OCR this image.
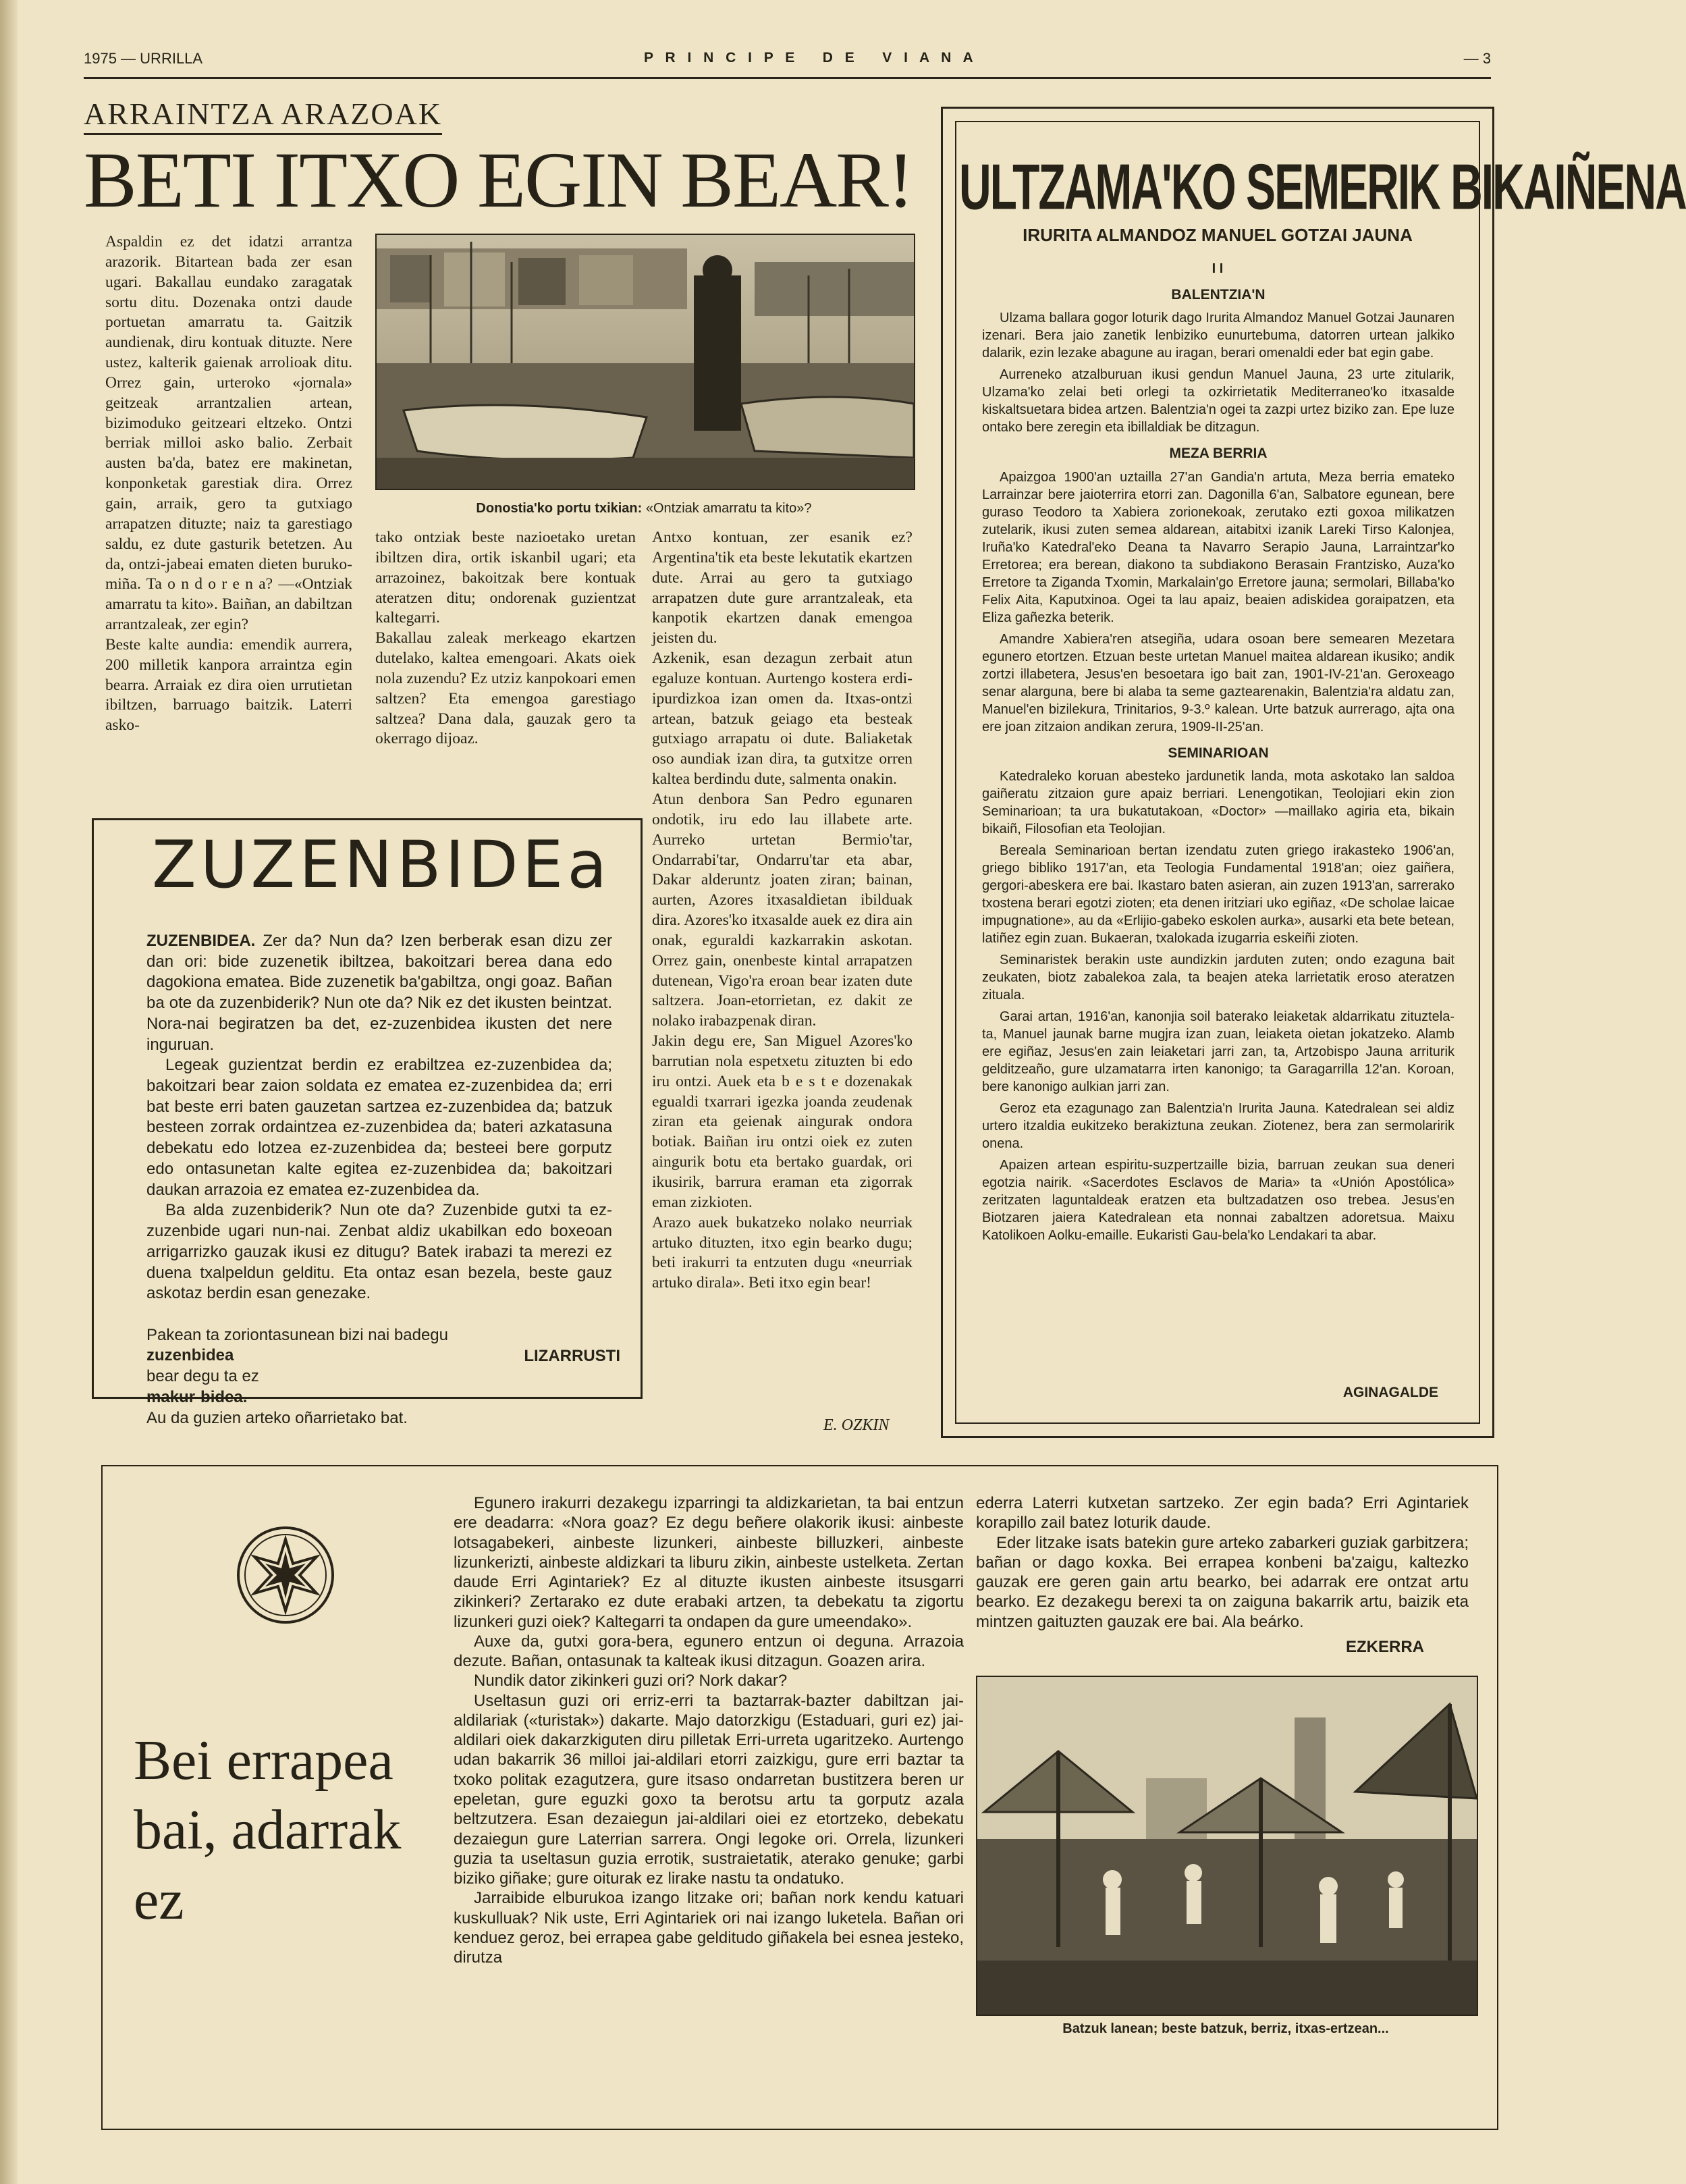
1975 — URRILLA	P R I N C I P E   D E   V I A N A	— 3
ARRAINTZA ARAZOAK
BETI ITXO EGIN BEAR!

Aspaldin ez det idatzi arrantza arazorik. Bitartean bada zer esan ugari. Bakallau eundako zaragatak sortu ditu. Dozenaka ontzi daude portuetan amarratu ta. Gaitzik aundienak, diru kontuak dituzte. Nere ustez, kalterik gaienak arrolioak ditu. Orrez gain, urteroko «jornala» geitzeak arrantzalien artean, bizimoduko geitzeari eltzeko. Ontzi berriak milloi asko balio. Zerbait austen ba'da, batez ere makinetan, konponketak garestiak dira. Orrez gain, arraik, gero ta gutxiago arrapatzen dituzte; naiz ta garestiago saldu, ez dute gasturik betetzen. Au da, ontzi-jabeai ematen dieten buruko-miña. Ta o n d o r e n a? —«Ontziak amarratu ta kito». Baiñan, an dabiltzan arrantzaleak, zer egin?
Beste kalte aundia: emendik aurrera, 200 milletik kanpora arraintza egin bearra. Arraiak ez dira oien urrutietan ibiltzen, barruago baitzik. Laterri asko-

Donostia'ko portu txikian: «Ontziak amarratu ta kito»?

tako ontziak beste nazioetako uretan ibiltzen dira, ortik iskanbil ugari; eta arrazoinez, bakoitzak bere kontuak ateratzen ditu; ondorenak guzientzat kaltegarri.
Bakallau zaleak merkeago ekartzen dutelako, kaltea emengoari. Akats oiek nola zuzendu? Ez utziz kanpokoari emen saltzen? Eta emengoa garestiago saltzea? Dana dala, gauzak gero ta okerrago dijoaz.

Antxo kontuan, zer esanik ez? Argentina'tik eta beste lekutatik ekartzen dute. Arrai au gero ta gutxiago arrapatzen dute gure arrantzaleak, eta kanpotik ekartzen danak emengoa jeisten du.
Azkenik, esan dezagun zerbait atun egaluze kontuan. Aurtengo kostera erdi-ipurdizkoa izan omen da. Itxas-ontzi artean, batzuk geiago eta besteak gutxiago arrapatu oi dute. Baliaketak oso aundiak izan dira, ta gutxitze orren kaltea berdindu dute, salmenta onakin.
Atun denbora San Pedro egunaren ondotik, iru edo lau illabete arte. Aurreko urtetan Bermio'tar, Ondarrabi'tar, Ondarru'tar eta abar, Dakar alderuntz joaten ziran; bainan, aurten, Azores itxasaldietan ibilduak dira. Azores'ko itxasalde auek ez dira ain onak, eguraldi kazkarrakin askotan. Orrez gain, onenbeste kintal arrapatzen dutenean, Vigo'ra eroan bear izaten dute saltzera. Joan-etorrietan, ez dakit ze nolako irabazpenak diran.
Jakin degu ere, San Miguel Azores'ko barrutian nola espetxetu zituzten bi edo iru ontzi. Auek eta b e s t e dozenakak egualdi txarrari igezka joanda zeudenak ziran eta geienak aingurak ondora botiak. Baiñan iru ontzi oiek ez zuten aingurik botu eta bertako guardak, ori ikusirik, barrura eraman eta zigorrak eman zizkioten.
Arazo auek bukatzeko nolako neurriak artuko dituzten, itxo egin bearko dugu; beti irakurri ta entzuten dugu «neurriak artuko dirala». Beti itxo egin bear!

E. OZKIN
ZUZENBIDEa

ZUZENBIDEA. Zer da? Nun da? Izen berberak esan dizu zer dan ori: bide zuzenetik ibiltzea, bakoitzari berea dana edo dagokiona ematea. Bide zuzenetik ba'gabiltza, ongi goaz. Bañan ba ote da zuzenbiderik? Nun ote da? Nik ez det ikusten beintzat. Nora-nai begiratzen ba det, ez-zuzenbidea ikusten det nere inguruan.

Legeak guzientzat berdin ez erabiltzea ez-zuzenbidea da; bakoitzari bear zaion soldata ez ematea ez-zuzenbidea da; erri bat beste erri baten gauzetan sartzea ez-zuzenbidea da; batzuk besteen zorrak ordaintzea ez-zuzenbidea da; bateri azkatasuna debekatu edo lotzea ez-zuzenbidea da; besteei bere gorputz edo ontasunetan kalte egitea ez-zuzenbidea da; bakoitzari daukan arrazoia ez ematea ez-zuzenbidea da.

Ba alda zuzenbiderik? Nun ote da? Zuzenbide gutxi ta ez-zuzenbide ugari nun-nai. Zenbat aldiz ukabilkan edo boxeoan arrigarrizko gauzak ikusi ez ditugu? Batek irabazi ta merezi ez duena txalpeldun gelditu. Eta ontaz esan bezela, beste gauz askotaz berdin esan genezake.

Pakean ta zoriontasunean bizi nai badegu
zuzenbidea
bear degu ta ez
makur-bidea.
Au da guzien arteko oñarrietako bat.

LIZARRUSTI
ULTZAMA'KO SEMERIK BIKAIÑENA
IRURITA ALMANDOZ MANUEL GOTZAI JAUNA
I I
BALENTZIA'N

Ulzama ballara gogor loturik dago Irurita Almandoz Manuel Gotzai Jaunaren izenari. Bera jaio zanetik lenbiziko eunurtebuma, datorren urtean jalkiko dalarik, ezin lezake abagune au iragan, berari omenaldi eder bat egin gabe.

Aurreneko atzalburuan ikusi gendun Manuel Jauna, 23 urte zitularik, Ulzama'ko zelai beti orlegi ta ozkirrietatik Mediterraneo'ko itxasalde kiskaltsuetara bidea artzen. Balentzia'n ogei ta zazpi urtez biziko zan. Epe luze ontako bere zeregin eta ibillaldiak be ditzagun.

MEZA BERRIA

Apaizgoa 1900'an uztailla 27'an Gandia'n artuta, Meza berria emateko Larrainzar bere jaioterrira etorri zan. Dagonilla 6'an, Salbatore egunean, bere guraso Teodoro ta Xabiera zorionekoak, zerutako ezti goxoa milikatzen zutelarik, ikusi zuten semea aldarean, aitabitxi izanik Lareki Tirso Kalonjea, Iruña'ko Katedral'eko Deana ta Navarro Serapio Jauna, Larraintzar'ko Erretorea; era berean, diakono ta subdiakono Berasain Frantzisko, Auza'ko Erretore ta Ziganda Txomin, Markalain'go Erretore jauna; sermolari, Billaba'ko Felix Aita, Kaputxinoa. Ogei ta lau apaiz, beaien adiskidea goraipatzen, eta Eliza gañezka beterik.

Amandre Xabiera'ren atsegiña, udara osoan bere semearen Mezetara egunero etortzen. Etzuan beste urtetan Manuel maitea aldarean ikusiko; andik zortzi illabetera, Jesus'en besoetara igo bait zan, 1901-IV-21'an. Geroxeago senar alarguna, bere bi alaba ta seme gaztearenakin, Balentzia'ra aldatu zan, Manuel'en bizilekura, Trinitarios, 9-3.º kalean. Urte batzuk aurrerago, ajta ona ere joan zitzaion andikan zerura, 1909-II-25'an.

SEMINARIOAN

Katedraleko koruan abesteko jardunetik landa, mota askotako lan saldoa gaiñeratu zitzaion gure apaiz berriari. Lenengotikan, Teolojiari ekin zion Seminarioan; ta ura bukatutakoan, «Doctor» —maillako agiria eta, bikain bikaiñ, Filosofian eta Teolojian.

Bereala Seminarioan bertan izendatu zuten griego irakasteko 1906'an, griego bibliko 1917'an, eta Teologia Fundamental 1918'an; oiez gaiñera, gergori-abeskera ere bai. Ikastaro baten asieran, ain zuzen 1913'an, sarrerako txostena berari egotzi zioten; eta denen iritziari uko egiñaz, «De scholae laicae impugnatione», au da «Erlijio-gabeko eskolen aurka», ausarki eta bete betean, latiñez egin zuan. Bukaeran, txalokada izugarria eskeiñi zioten.

Seminaristek berakin uste aundizkin jarduten zuten; ondo ezaguna bait zeukaten, biotz zabalekoa zala, ta beajen ateka larrietatik eroso ateratzen zituala.

Garai artan, 1916'an, kanonjia soil baterako leiaketak aldarrikatu zituztela-ta, Manuel jaunak barne mugjra izan zuan, leiaketa oietan jokatzeko. Alamb ere egiñaz, Jesus'en zain leiaketari jarri zan, ta, Artzobispo Jauna arriturik gelditzeaño, gure ulzamatarra irten kanonigo; ta Garagarrilla 12'an. Koroan, bere kanonigo aulkian jarri zan.

Geroz eta ezagunago zan Balentzia'n Irurita Jauna. Katedralean sei aldiz urtero itzaldia eukitzeko berakiztuna zeukan. Ziotenez, bera zan sermolaririk onena.

Apaizen artean espiritu-suzpertzaille bizia, barruan zeukan sua deneri egotzia nairik. «Sacerdotes Esclavos de Maria» ta «Unión Apostólica» zeritzaten laguntaldeak eratzen eta bultzadatzen oso trebea. Jesus'en Biotzaren jaiera Katedralean eta nonnai zabaltzen adoretsua. Maixu Katolikoen Aolku-emaille. Eukaristi Gau-bela'ko Lendakari ta abar.

AGINAGALDE
Bei errapea bai, adarrak ez

Egunero irakurri dezakegu izparringi ta aldizkarietan, ta bai entzun ere deadarra: «Nora goaz? Ez degu beñere olakorik ikusi: ainbeste lotsagabekeri, ainbeste lizunkeri, ainbeste billuzkeri, ainbeste lizunkerizti, ainbeste aldizkari ta liburu zikin, ainbeste ustelketa. Zertan daude Erri Agintariek? Ez al dituzte ikusten ainbeste itsusgarri zikinkeri? Zertarako ez dute erabaki artzen, ta debekatu ta zigortu lizunkeri guzi oiek? Kaltegarri ta ondapen da gure umeendako».

Auxe da, gutxi gora-bera, egunero entzun oi deguna. Arrazoia dezute. Bañan, ontasunak ta kalteak ikusi ditzagun. Goazen arira.

Nundik dator zikinkeri guzi ori? Nork dakar?

Useltasun guzi ori erriz-erri ta baztarrak-bazter dabiltzan jai-aldilariak («turistak») dakarte. Majo datorzkigu (Estaduari, guri ez) jai-aldilari oiek dakarzkiguten diru pilletak Erri-urreta ugaritzeko. Aurtengo udan bakarrik 36 milloi jai-aldilari etorri zaizkigu, gure erri baztar ta txoko politak ezagutzera, gure itsaso ondarretan bustitzera beren ur epeletan, gure eguzki goxo ta berotsu artu ta gorputz azala beltzutzera. Esan dezaiegun jai-aldilari oiei ez etortzeko, debekatu dezaiegun gure Laterrian sarrera. Ongi legoke ori. Orrela, lizunkeri guzia ta useltasun guzia errotik, sustraietatik, aterako genuke; garbi biziko giñake; gure oiturak ez lirake nastu ta ondatuko.

Jarraibide elburukoa izango litzake ori; bañan nork kendu katuari kuskulluak? Nik uste, Erri Agintariek ori nai izango luketela. Bañan ori kenduez geroz, bei errapea gabe gelditudo giñakela bei esnea jesteko, dirutza

ederra Laterri kutxetan sartzeko. Zer egin bada? Erri Agintariek korapillo zail batez loturik daude.

Eder litzake isats batekin gure arteko zabarkeri guziak garbitzera; bañan or dago koxka. Bei errapea konbeni ba'zaigu, kaltezko gauzak ere geren gain artu bearko, bei adarrak ere ontzat artu bearko. Ez dezakegu berexi ta on zaiguna bakarrik artu, baizik eta mintzen gaituzten gauzak ere bai. Ala beárko.

EZKERRA
Batzuk lanean; beste batzuk, berriz, itxas-ertzean...
